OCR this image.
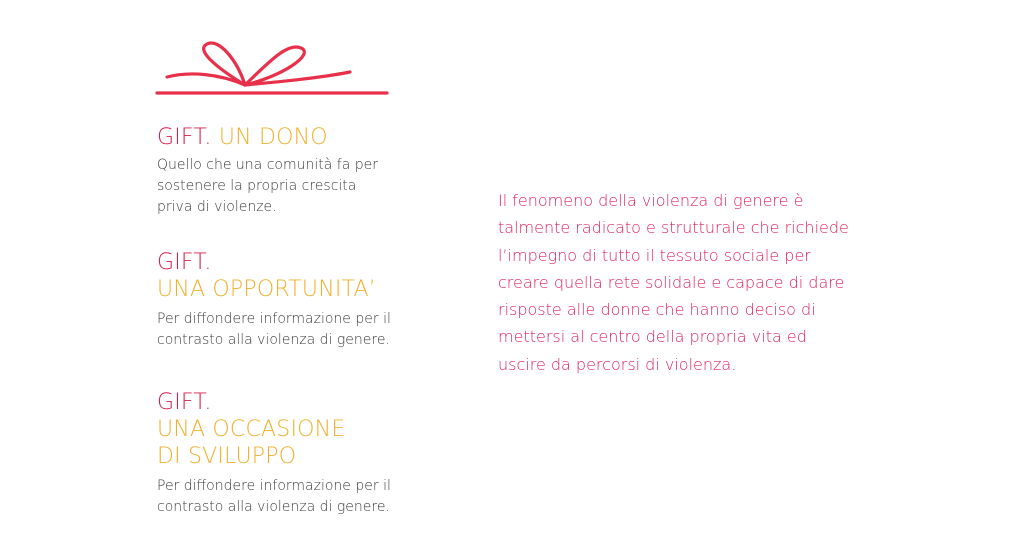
GIFT. UN DONO
Quello che una comunità fa per
sostenere la propria crescita
priva di violenze.
GIFT.
UNA OPPORTUNITA’
Per diffondere informazione per il
contrasto alla violenza di genere.
GIFT.
UNA OCCASIONE
DI SVILUPPO
Per diffondere informazione per il
contrasto alla violenza di genere.
Il fenomeno della violenza di genere è
talmente radicato e strutturale che richiede
l’impegno di tutto il tessuto sociale per
creare quella rete solidale e capace di dare
risposte alle donne che hanno deciso di
mettersi al centro della propria vita ed
uscire da percorsi di violenza.
